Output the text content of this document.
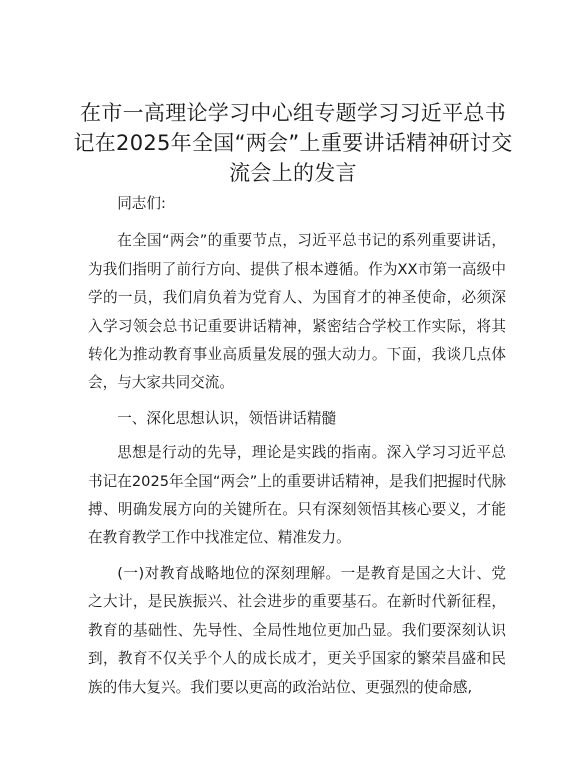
在市一高理论学习中心组专题学习习近平总书记在2025年全国“两会”上重要讲话精神研讨交流会上的发言

同志们:

在全国“两会”的重要节点，习近平总书记的系列重要讲话，为我们指明了前行方向、提供了根本遵循。作为XX市第一高级中学的一员，我们肩负着为党育人、为国育才的神圣使命，必须深入学习领会总书记重要讲话精神，紧密结合学校工作实际，将其转化为推动教育事业高质量发展的强大动力。下面，我谈几点体会，与大家共同交流。

一、深化思想认识，领悟讲话精髓

思想是行动的先导，理论是实践的指南。深入学习习近平总书记在2025年全国“两会”上的重要讲话精神，是我们把握时代脉搏、明确发展方向的关键所在。只有深刻领悟其核心要义，才能在教育教学工作中找准定位、精准发力。

(一)对教育战略地位的深刻理解。一是教育是国之大计、党之大计，是民族振兴、社会进步的重要基石。在新时代新征程，教育的基础性、先导性、全局性地位更加凸显。我们要深刻认识到，教育不仅关乎个人的成长成才，更关乎国家的繁荣昌盛和民族的伟大复兴。我们要以更高的政治站位、更强烈的使命感,
